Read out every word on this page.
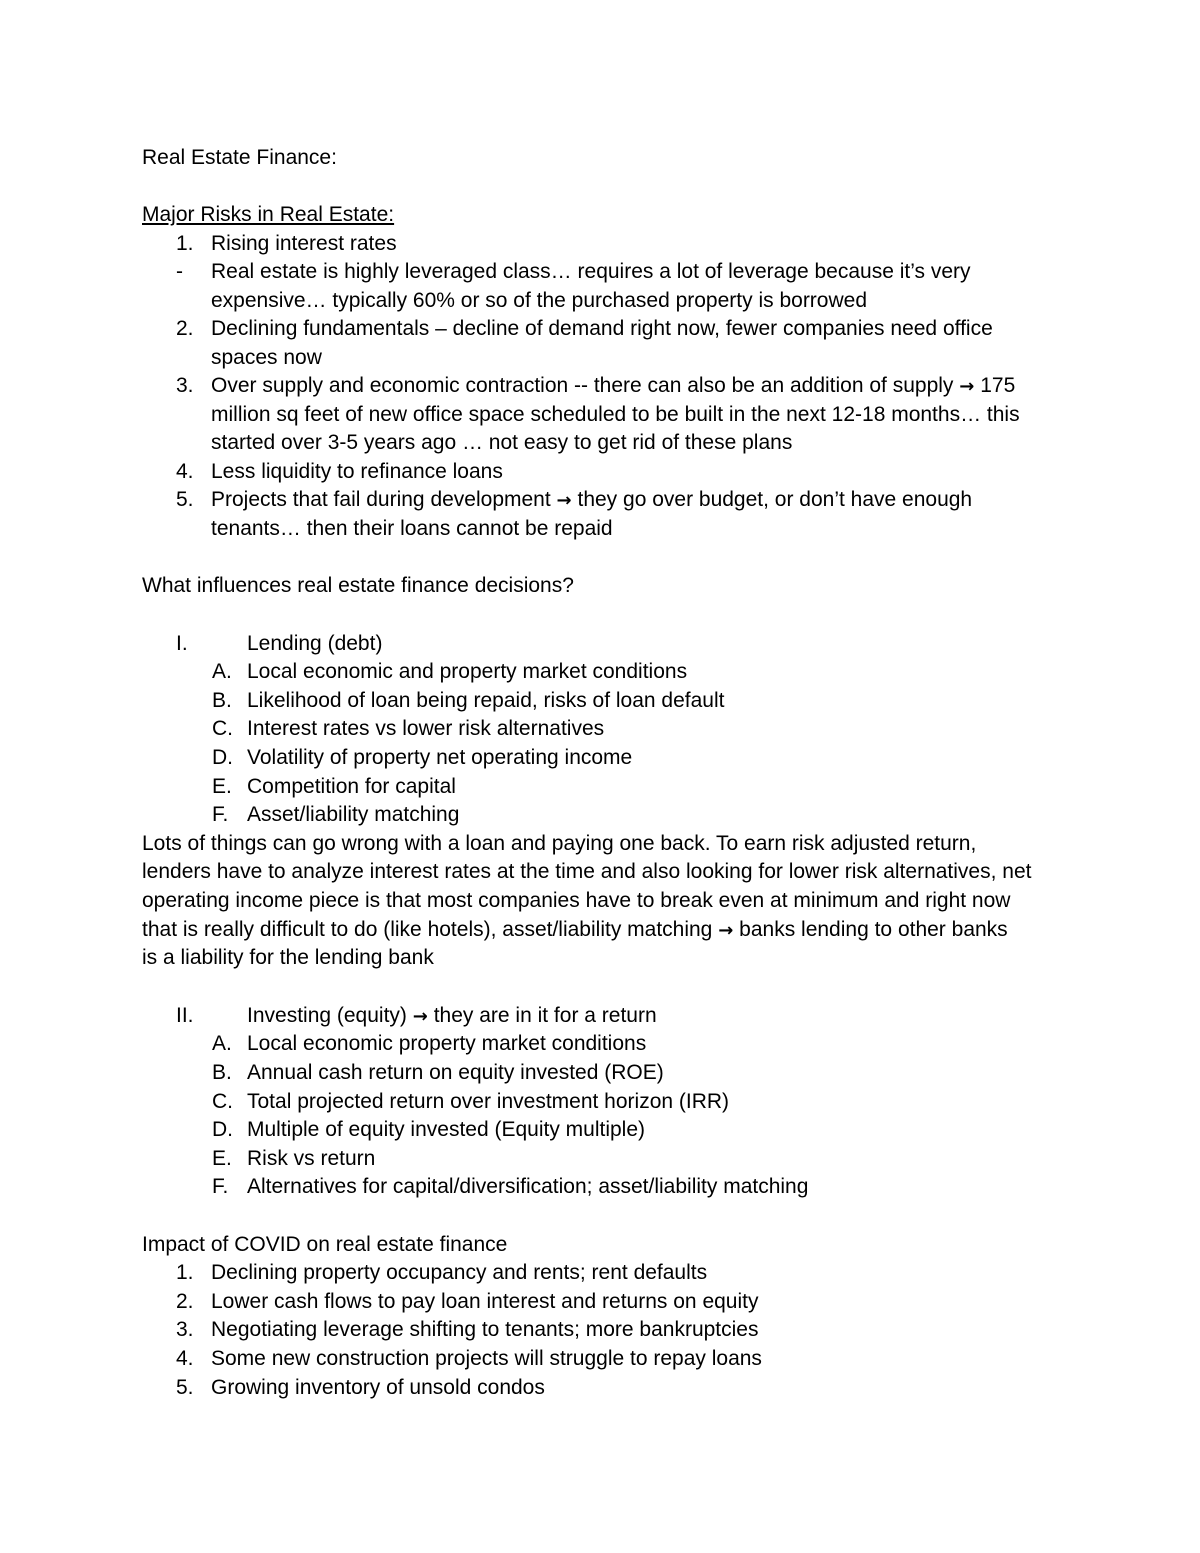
Real Estate Finance:
Major Risks in Real Estate:
1. Rising interest rates
- Real estate is highly leveraged class… requires a lot of leverage because it’s very
expensive… typically 60% or so of the purchased property is borrowed
2. Declining fundamentals – decline of demand right now, fewer companies need office
spaces now
3. Over supply and economic contraction -- there can also be an addition of supply → 175
million sq feet of new office space scheduled to be built in the next 12-18 months… this
started over 3-5 years ago … not easy to get rid of these plans
4. Less liquidity to refinance loans
5. Projects that fail during development → they go over budget, or don’t have enough
tenants… then their loans cannot be repaid
What influences real estate finance decisions?
I.	Lending (debt)
A. Local economic and property market conditions
B. Likelihood of loan being repaid, risks of loan default
C. Interest rates vs lower risk alternatives
D. Volatility of property net operating income
E. Competition for capital
F. Asset/liability matching
Lots of things can go wrong with a loan and paying one back. To earn risk adjusted return,
lenders have to analyze interest rates at the time and also looking for lower risk alternatives, net
operating income piece is that most companies have to break even at minimum and right now
that is really difficult to do (like hotels), asset/liability matching → banks lending to other banks
is a liability for the lending bank
II.	Investing (equity) → they are in it for a return
A. Local economic property market conditions
B. Annual cash return on equity invested (ROE)
C. Total projected return over investment horizon (IRR)
D. Multiple of equity invested (Equity multiple)
E. Risk vs return
F. Alternatives for capital/diversification; asset/liability matching
Impact of COVID on real estate finance
1. Declining property occupancy and rents; rent defaults
2. Lower cash flows to pay loan interest and returns on equity
3. Negotiating leverage shifting to tenants; more bankruptcies
4. Some new construction projects will struggle to repay loans
5. Growing inventory of unsold condos
